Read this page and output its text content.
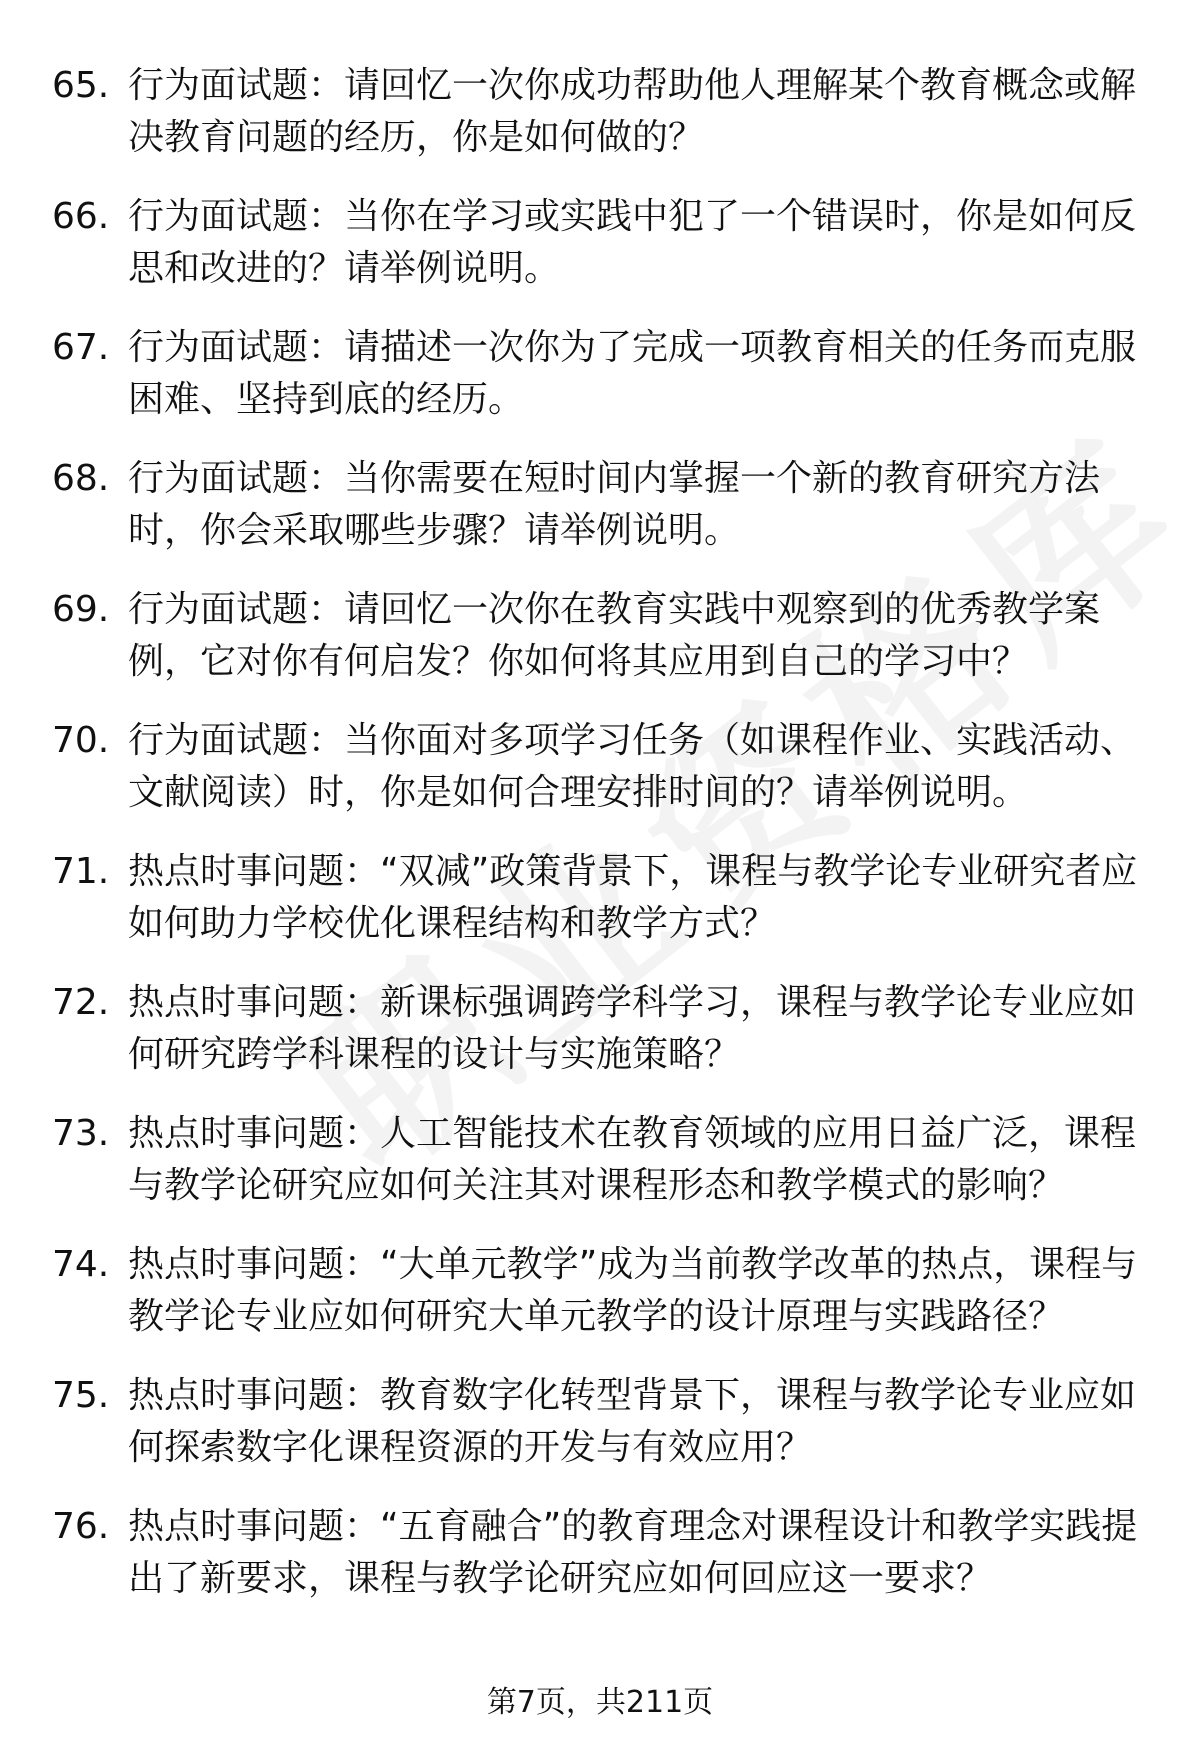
65. 行为面试题：请回忆一次你成功帮助他人理解某个教育概念或解决教育问题的经历，你是如何做的？
66. 行为面试题：当你在学习或实践中犯了一个错误时，你是如何反思和改进的？请举例说明。
67. 行为面试题：请描述一次你为了完成一项教育相关的任务而克服困难、坚持到底的经历。
68. 行为面试题：当你需要在短时间内掌握一个新的教育研究方法时，你会采取哪些步骤？请举例说明。
69. 行为面试题：请回忆一次你在教育实践中观察到的优秀教学案例，它对你有何启发？你如何将其应用到自己的学习中？
70. 行为面试题：当你面对多项学习任务（如课程作业、实践活动、文献阅读）时，你是如何合理安排时间的？请举例说明。
71. 热点时事问题：“双减”政策背景下，课程与教学论专业研究者应如何助力学校优化课程结构和教学方式？
72. 热点时事问题：新课标强调跨学科学习，课程与教学论专业应如何研究跨学科课程的设计与实施策略？
73. 热点时事问题：人工智能技术在教育领域的应用日益广泛，课程与教学论研究应如何关注其对课程形态和教学模式的影响？
74. 热点时事问题：“大单元教学”成为当前教学改革的热点，课程与教学论专业应如何研究大单元教学的设计原理与实践路径？
75. 热点时事问题：教育数字化转型背景下，课程与教学论专业应如何探索数字化课程资源的开发与有效应用？
76. 热点时事问题：“五育融合”的教育理念对课程设计和教学实践提出了新要求，课程与教学论研究应如何回应这一要求？
第7页，共211页
